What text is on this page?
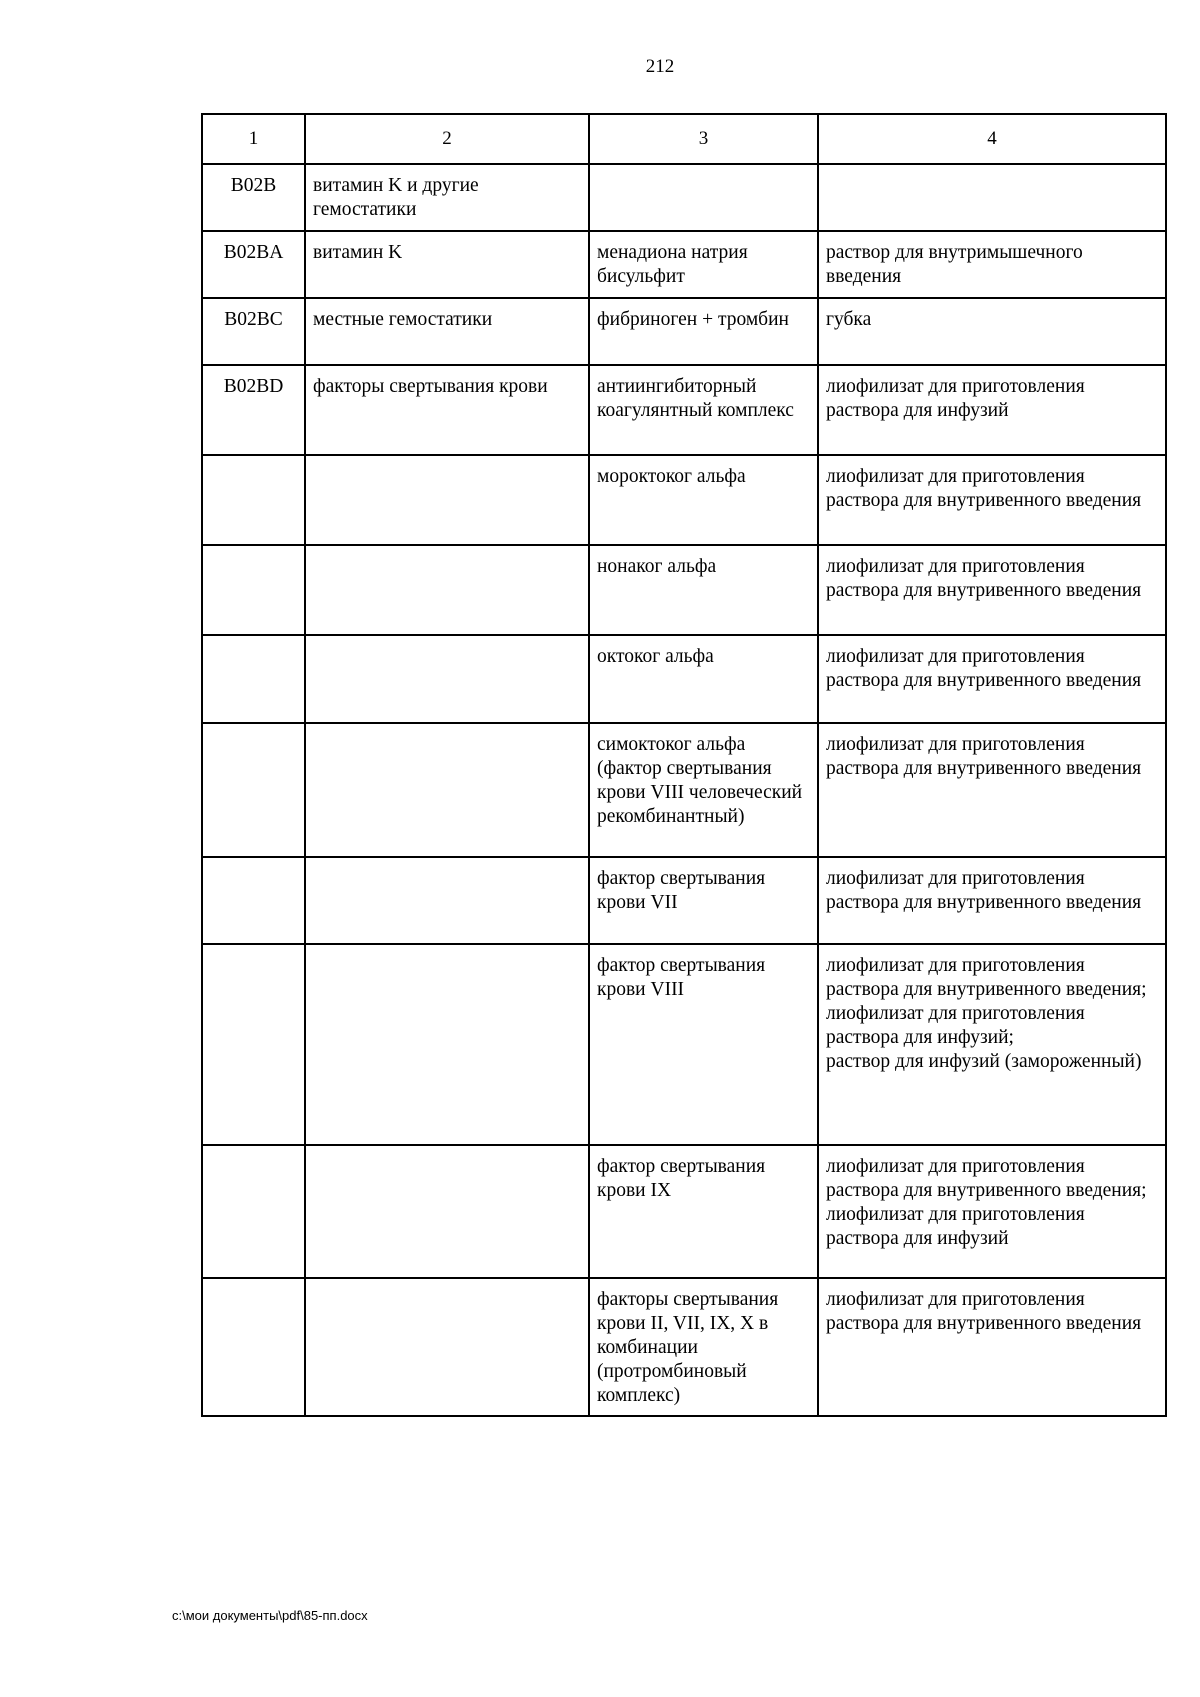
212
1	2	3	4
B02B	витамин K и другие гемостатики		
B02BA	витамин K	менадиона натрия бисульфит	раствор для внутримышечного введения

B02BC	местные гемостатики	фибриноген + тромбин	губка

B02BD	факторы свертывания крови	антиингибиторный коагулянтный комплекс	лиофилизат для приготовления раствора для инфузий

		мороктоког альфа	лиофилизат для приготовления раствора для внутривенного введения

		нонаког альфа	лиофилизат для приготовления раствора для внутривенного введения

		октоког альфа	лиофилизат для приготовления раствора для внутривенного введения

		симоктоког альфа (фактор свертывания крови VIII человеческий рекомбинантный)	лиофилизат для приготовления раствора для внутривенного введения

		фактор свертывания крови VII	лиофилизат для приготовления раствора для внутривенного введения

		фактор свертывания крови VIII	лиофилизат для приготовления раствора для внутривенного введения;
лиофилизат для приготовления раствора для инфузий;
раствор для инфузий (замороженный)

		фактор свертывания крови IX	лиофилизат для приготовления раствора для внутривенного введения;
лиофилизат для приготовления раствора для инфузий

		факторы свертывания крови II, VII, IX, X в комбинации (протромбиновый комплекс)	лиофилизат для приготовления раствора для внутривенного введения
c:\мои документы\pdf\85-пп.docx
